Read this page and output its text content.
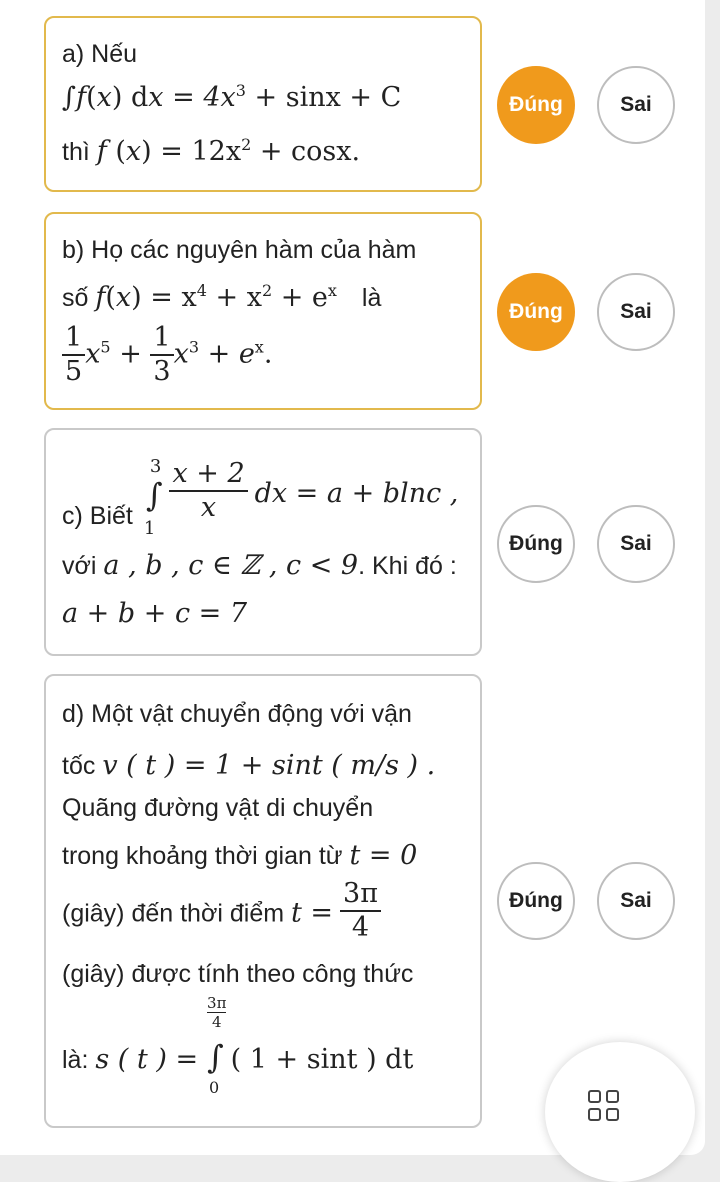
a) Nếu
∫f(x) dx = $4x^3 + \sin x + C$
thì f $(x) = 12x^2 + \cos x$.
Đúng	Sai
b) Họ các nguyên hàm của hàm
số $f(x) = x^4 + x^2 + e^x$ là
$\frac{1}{5} x^5 + \frac{1}{3} x^3 + e^x$.
Đúng	Sai
c) Biết ∫
3
1

$\frac{x + 2}{x}$ dx = a + blnc ,
với a , b , c ∈ ℤ , c < 9. Khi đó :
a + b + c = 7
Đúng	Sai
d) Một vật chuyển động với vận
tốc v ( t ) = 1 + sint ( m/s ) .
Quãng đường vật di chuyển
trong khoảng thời gian từ t = 0
(giây) đến thời điểm $t = \frac{3\pi}{4}$
(giây) được tính theo công thức
là: s ( t ) = ∫
3π
4
0
( 1 + sint ) dt
Đúng	Sai
